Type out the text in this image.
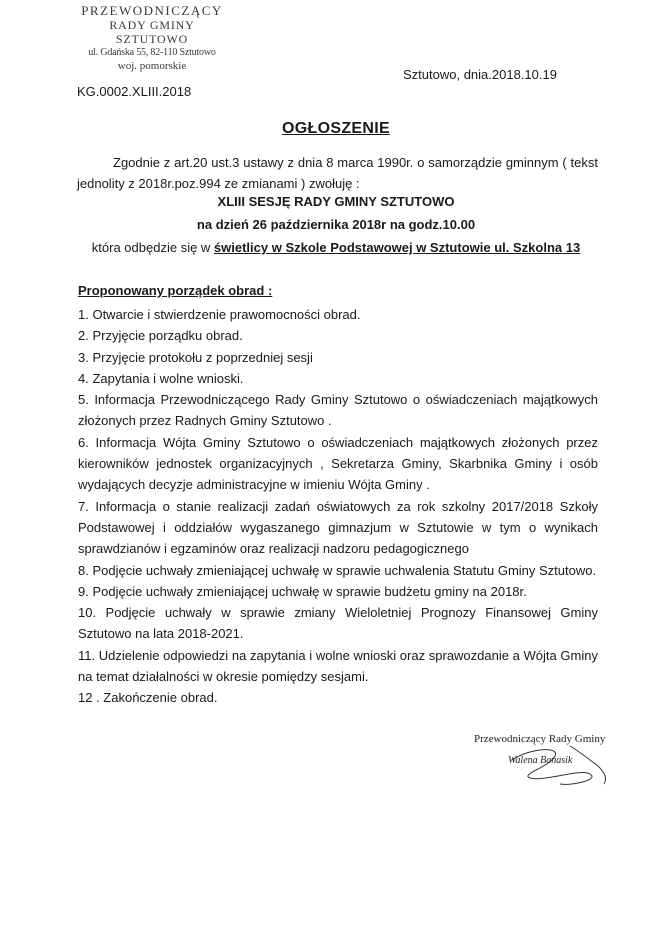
PRZEWODNICZĄCY
RADY GMINY SZTUTOWO
ul. Gdańska 55, 82-110 Sztutowo
woj. pomorskie
Sztutowo, dnia.2018.10.19
KG.0002.XLIII.2018
OGŁOSZENIE
Zgodnie z art.20 ust.3 ustawy z dnia 8 marca 1990r. o samorządzie gminnym ( tekst jednolity z 2018r.poz.994 ze zmianami ) zwołuję :
XLIII SESJĘ RADY GMINY SZTUTOWO
na dzień 26 października 2018r na godz.10.00
która odbędzie się w świetlicy w Szkole Podstawowej w Sztutowie ul. Szkolna 13
Proponowany porządek obrad :
1. Otwarcie i stwierdzenie prawomocności obrad.
2. Przyjęcie porządku obrad.
3. Przyjęcie protokołu z poprzedniej sesji
4. Zapytania i wolne wnioski.
5. Informacja Przewodniczącego Rady Gminy Sztutowo o oświadczeniach majątkowych złożonych przez Radnych Gminy Sztutowo .
6. Informacja Wójta Gminy Sztutowo o oświadczeniach majątkowych złożonych przez kierowników jednostek organizacyjnych , Sekretarza Gminy, Skarbnika Gminy i osób wydających decyzje administracyjne w imieniu Wójta Gminy .
7. Informacja o stanie realizacji zadań oświatowych za rok szkolny 2017/2018 Szkoły Podstawowej i oddziałów wygaszanego gimnazjum w Sztutowie w tym o wynikach sprawdzianów i egzaminów oraz realizacji nadzoru pedagogicznego
8. Podjęcie uchwały zmieniającej uchwałę w sprawie uchwalenia Statutu Gminy Sztutowo.
9. Podjęcie uchwały zmieniającej uchwałę w sprawie budżetu gminy na 2018r.
10. Podjęcie uchwały w sprawie zmiany Wieloletniej Prognozy Finansowej Gminy Sztutowo na lata 2018-2021.
11. Udzielenie odpowiedzi na zapytania i wolne wnioski oraz sprawozdanie a Wójta Gminy na temat działalności w okresie pomiędzy sesjami.
12 . Zakończenie obrad.
Przewodniczący Rady Gminy
Walena Banasik
